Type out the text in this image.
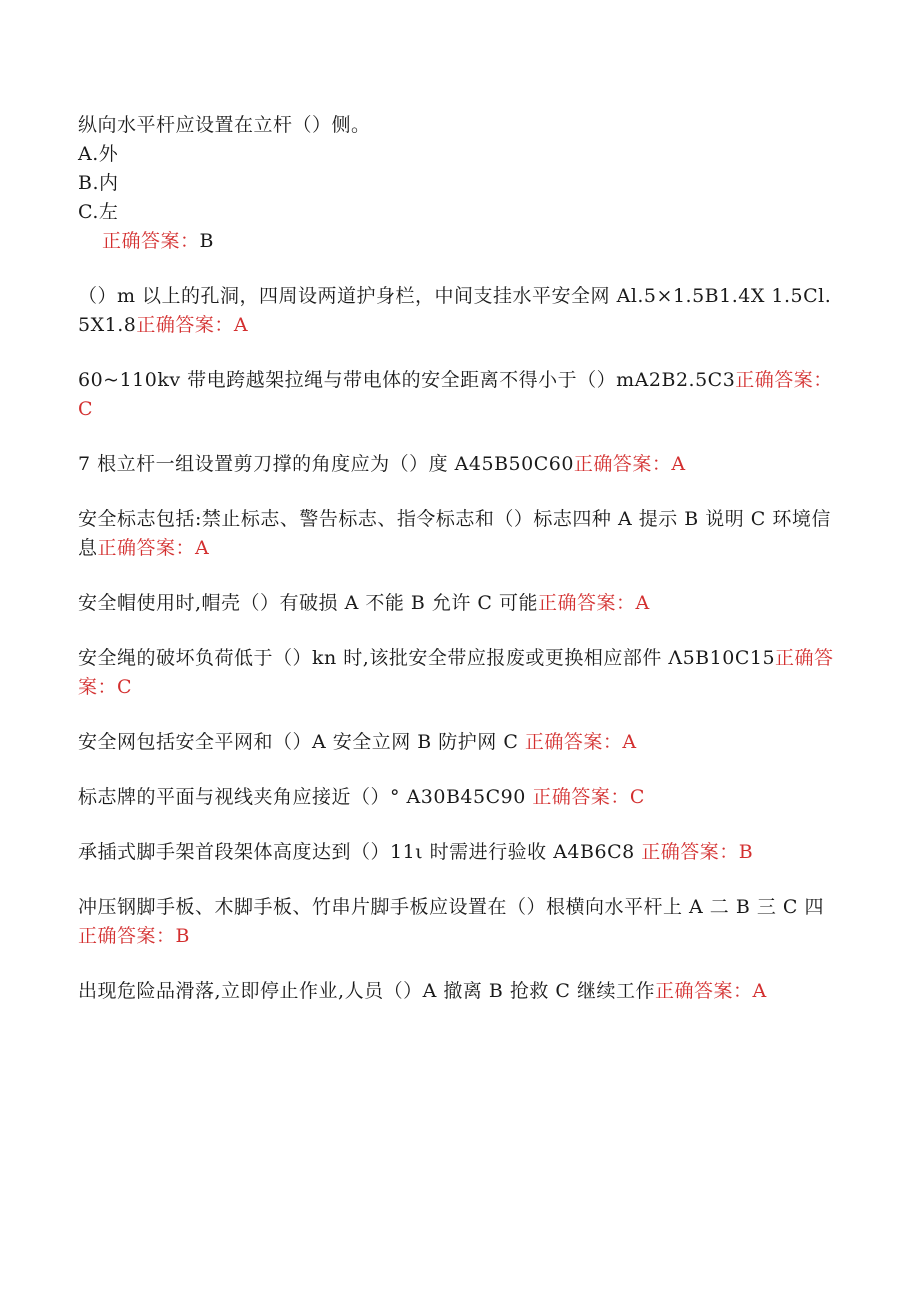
纵向水平杆应设置在立杆（）侧。

A.外

B.内

C.左

正确答案：B

（）m 以上的孔洞，四周设两道护身栏，中间支挂水平安全网 Al.5×1.5B1.4X 1.5Cl.5X1.8正确答案：A

60~110kv 带电跨越架拉绳与带电体的安全距离不得小于（）mA2B2.5C3正确答案：C

7 根立杆一组设置剪刀撑的角度应为（）度 A45B50C60正确答案：A

安全标志包括:禁止标志、警告标志、指令标志和（）标志四种 A 提示 B 说明 C 环境信息正确答案：A

安全帽使用时,帽壳（）有破损 A 不能 B 允许 C 可能正确答案：A

安全绳的破坏负荷低于（）kn 时,该批安全带应报废或更换相应部件 Λ5B10C15正确答案：C

安全网包括安全平网和（）A 安全立网 B 防护网 C 正确答案：A

标志牌的平面与视线夹角应接近（）° A30B45C90 正确答案：C

承插式脚手架首段架体高度达到（）11ι 时需进行验收 A4B6C8 正确答案：B

冲压钢脚手板、木脚手板、竹串片脚手板应设置在（）根横向水平杆上 A 二 B 三 C 四正确答案：B

出现危险品滑落,立即停止作业,人员（）A 撤离 B 抢救 C 继续工作正确答案：A
